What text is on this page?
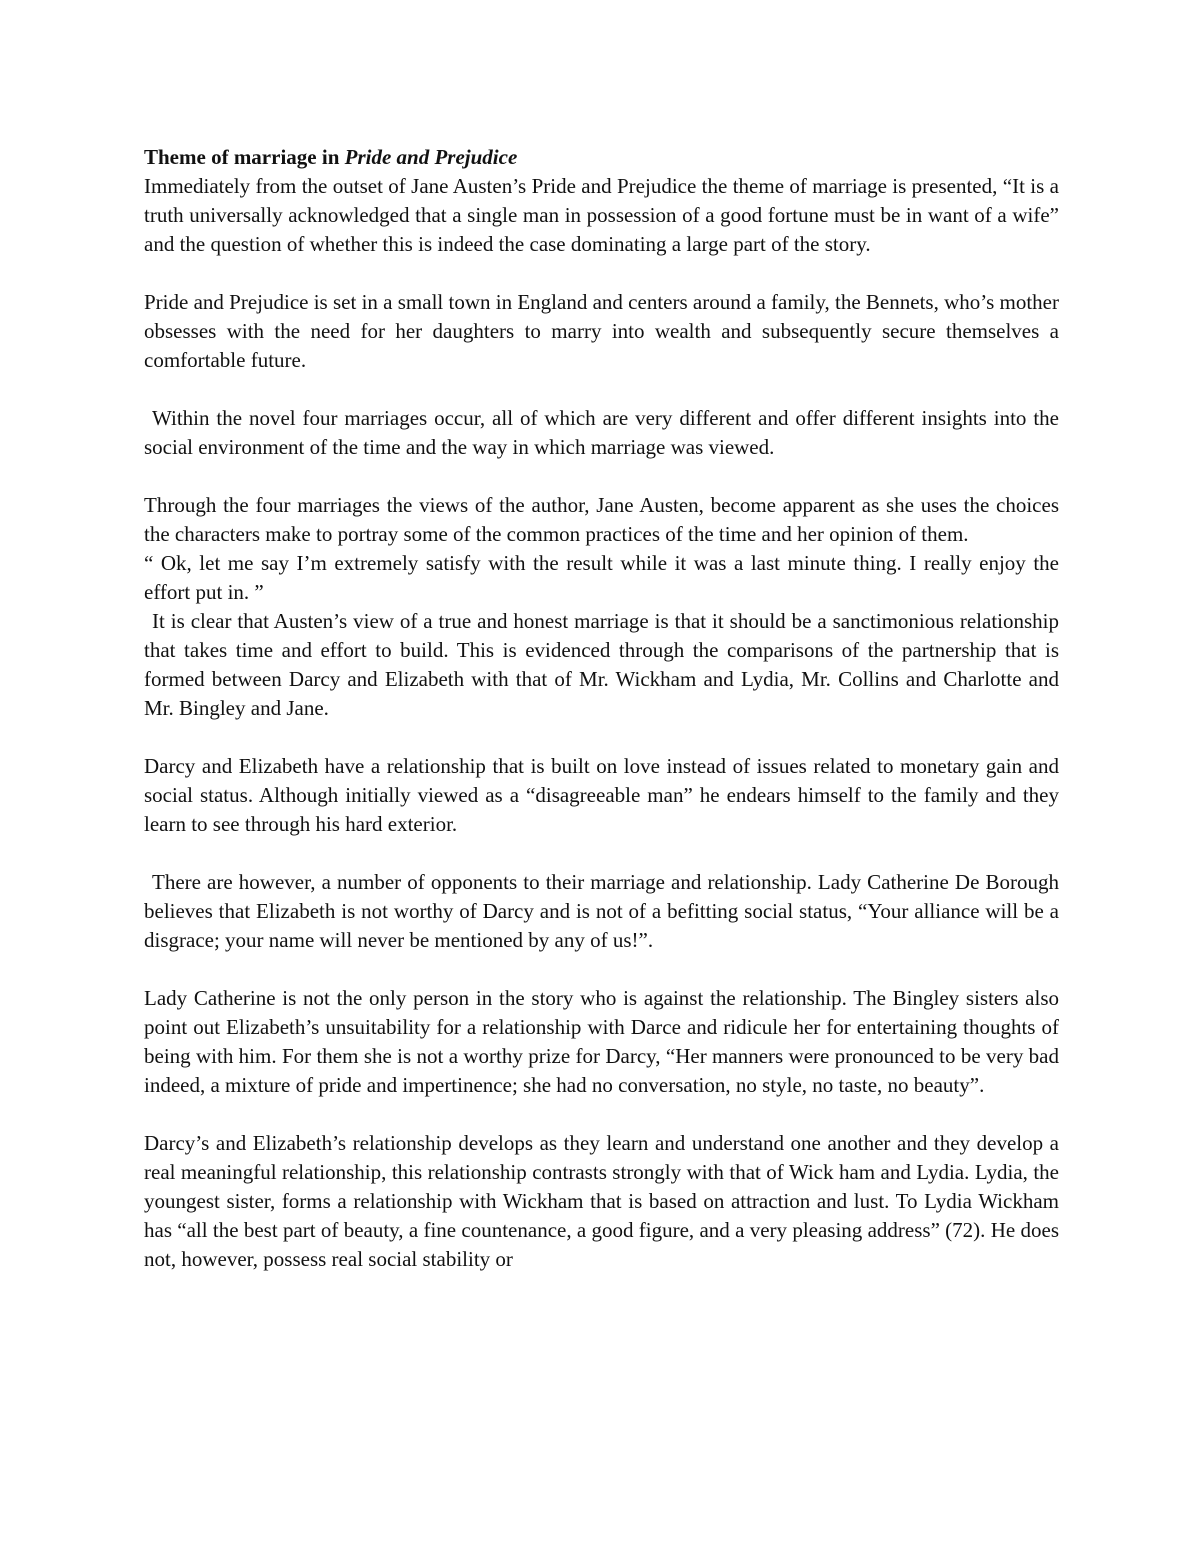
Theme of marriage in Pride and Prejudice

Immediately from the outset of Jane Austen’s Pride and Prejudice the theme of marriage is presented, “It is a truth universally acknowledged that a single man in possession of a good fortune must be in want of a wife” and the question of whether this is indeed the case dominating a large part of the story.

Pride and Prejudice is set in a small town in England and centers around a family, the Bennets, who’s mother obsesses with the need for her daughters to marry into wealth and subsequently secure themselves a comfortable future.

Within the novel four marriages occur, all of which are very different and offer different insights into the social environment of the time and the way in which marriage was viewed.

Through the four marriages the views of the author, Jane Austen, become apparent as she uses the choices the characters make to portray some of the common practices of the time and her opinion of them.

“ Ok, let me say I’m extremely satisfy with the result while it was a last minute thing. I really enjoy the effort put in. ”

It is clear that Austen’s view of a true and honest marriage is that it should be a sanctimonious relationship that takes time and effort to build. This is evidenced through the comparisons of the partnership that is formed between Darcy and Elizabeth with that of Mr. Wickham and Lydia, Mr. Collins and Charlotte and Mr. Bingley and Jane.

Darcy and Elizabeth have a relationship that is built on love instead of issues related to monetary gain and social status. Although initially viewed as a “disagreeable man” he endears himself to the family and they learn to see through his hard exterior.

There are however, a number of opponents to their marriage and relationship. Lady Catherine De Borough believes that Elizabeth is not worthy of Darcy and is not of a befitting social status, “Your alliance will be a disgrace; your name will never be mentioned by any of us!”.

Lady Catherine is not the only person in the story who is against the relationship. The Bingley sisters also point out Elizabeth’s unsuitability for a relationship with Darce and ridicule her for entertaining thoughts of being with him. For them she is not a worthy prize for Darcy, “Her manners were pronounced to be very bad indeed, a mixture of pride and impertinence; she had no conversation, no style, no taste, no beauty”.

Darcy’s and Elizabeth’s relationship develops as they learn and understand one another and they develop a real meaningful relationship, this relationship contrasts strongly with that of Wick ham and Lydia. Lydia, the youngest sister, forms a relationship with Wickham that is based on attraction and lust. To Lydia Wickham has “all the best part of beauty, a fine countenance, a good figure, and a very pleasing address” (72). He does not, however, possess real social stability or
